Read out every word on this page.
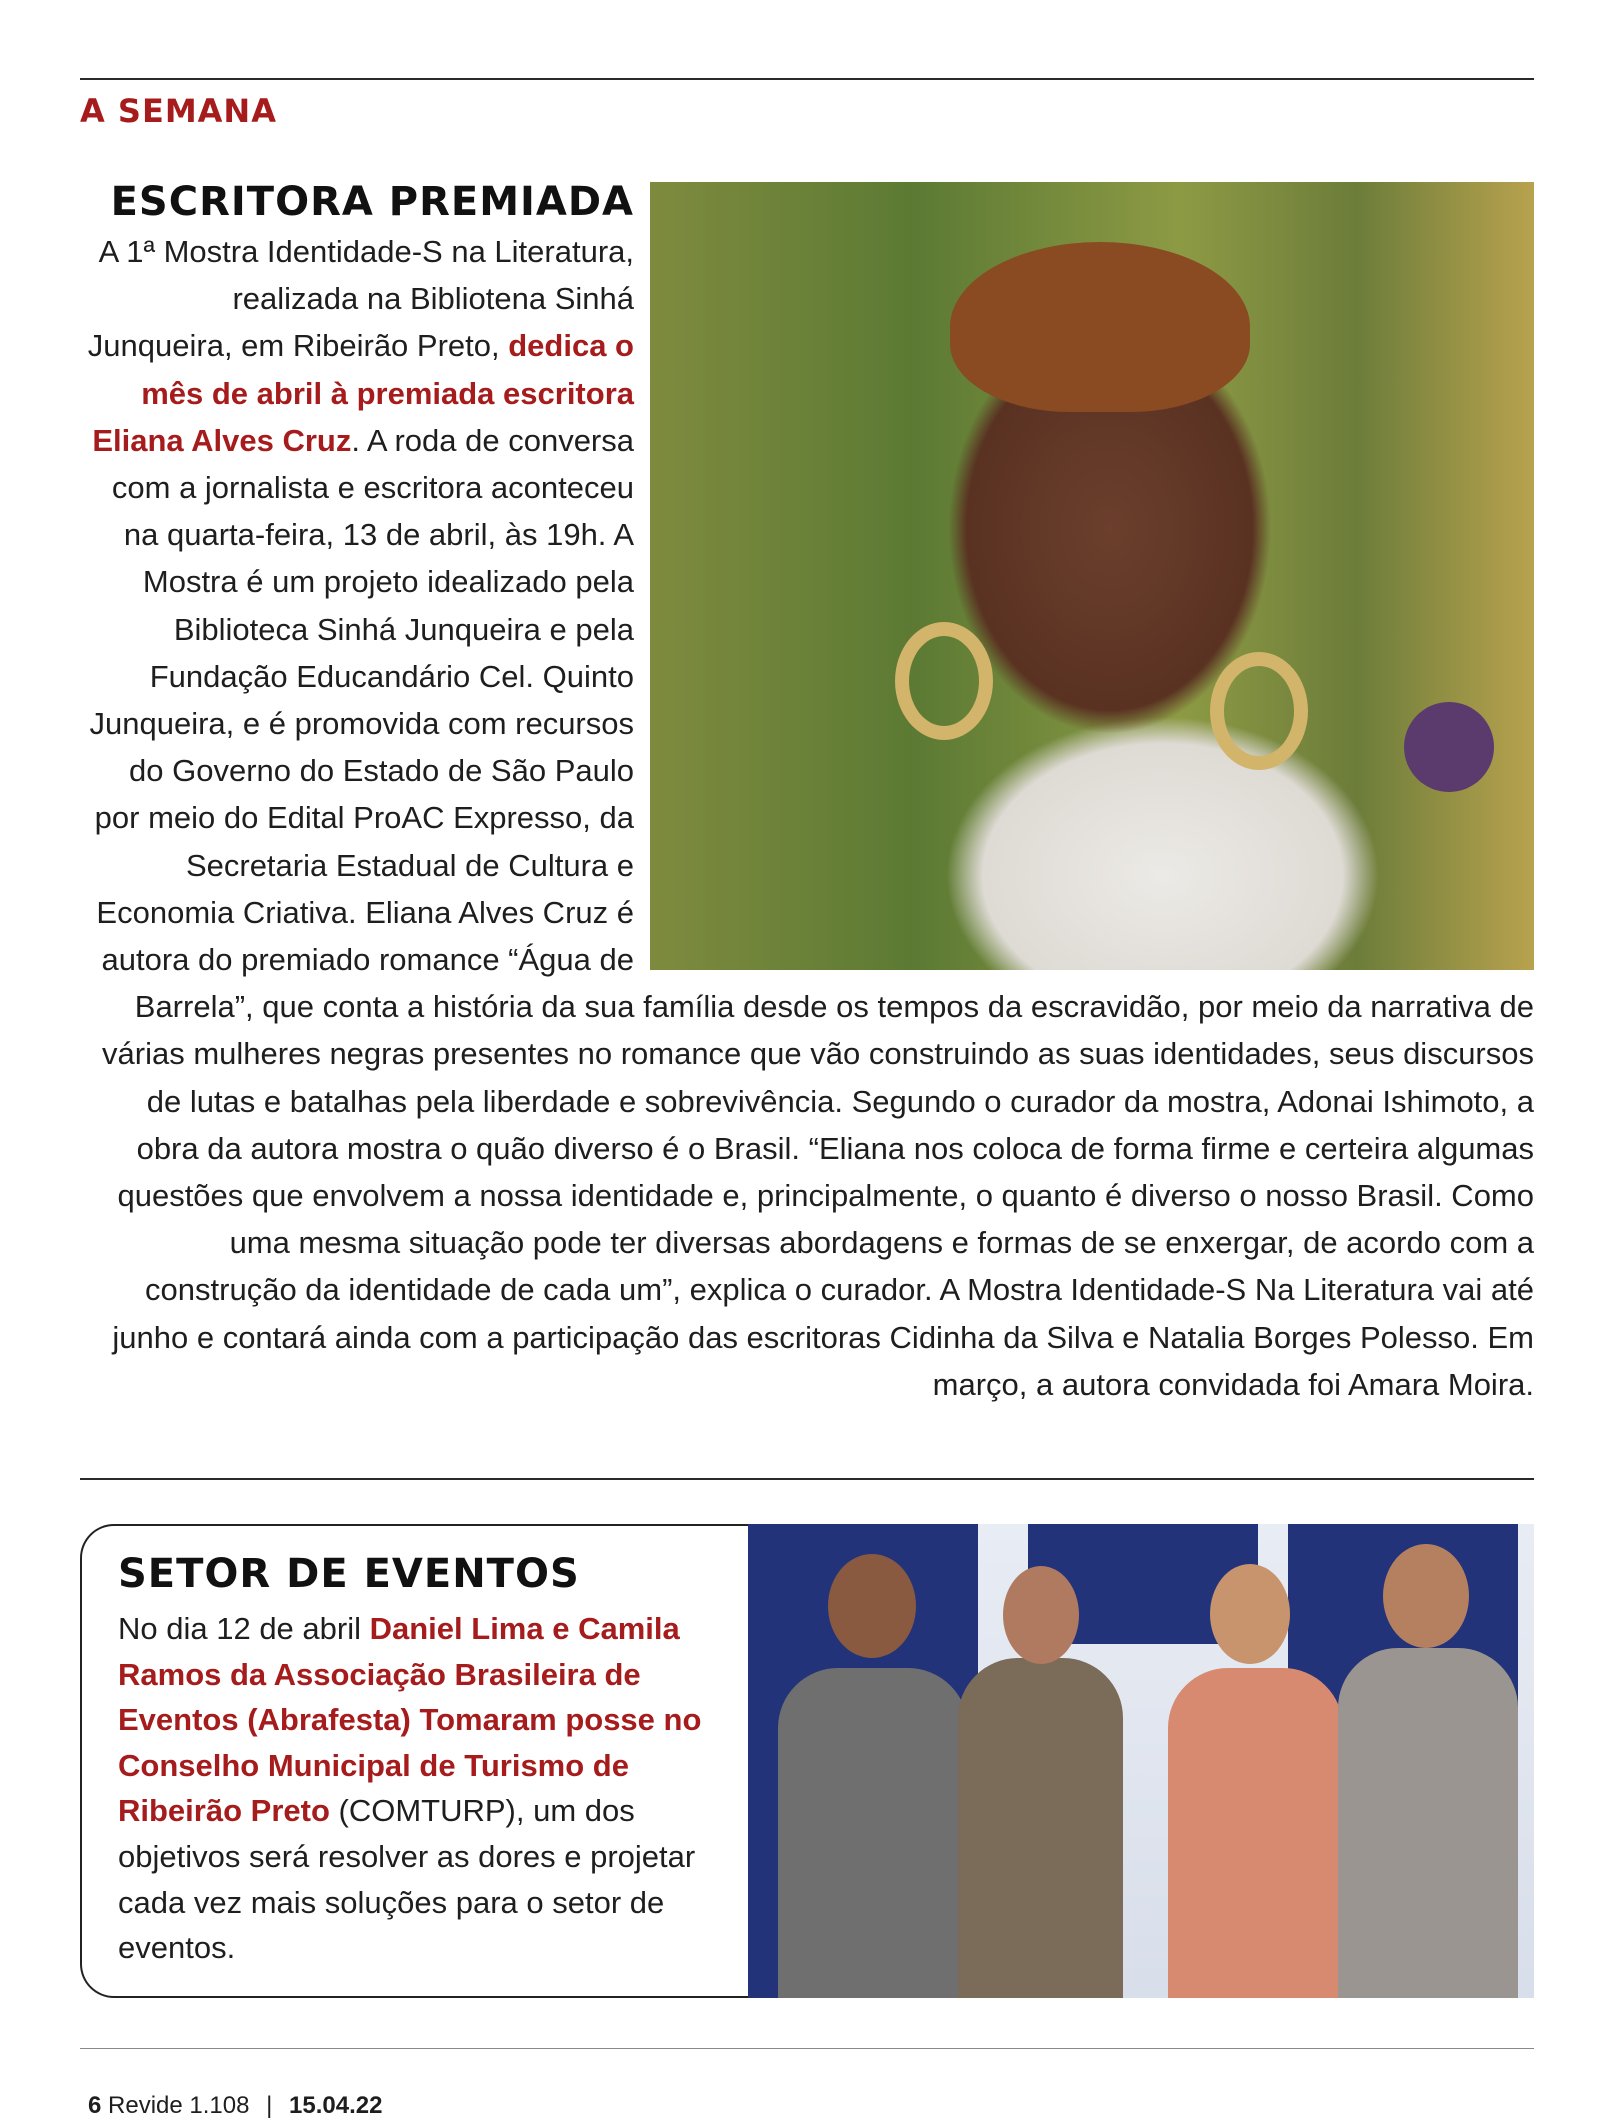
A SEMANA
ESCRITORA PREMIADA

A 1ª Mostra Identidade-S na Literatura, realizada na Bibliotena Sinhá Junqueira, em Ribeirão Preto, dedica o mês de abril à premiada escritora Eliana Alves Cruz. A roda de conversa com a jornalista e escritora aconteceu na quarta-feira, 13 de abril, às 19h. A Mostra é um projeto idealizado pela Biblioteca Sinhá Junqueira e pela Fundação Educandário Cel. Quinto Junqueira, e é promovida com recursos do Governo do Estado de São Paulo por meio do Edital ProAC Expresso, da Secretaria Estadual de Cultura e Economia Criativa. Eliana Alves Cruz é autora do premiado romance “Água de Barrela”, que conta a história da sua família desde os tempos da escravidão, por meio da narrativa de várias mulheres negras presentes no romance que vão construindo as suas identidades, seus discursos de lutas e batalhas pela liberdade e sobrevivência. Segundo o curador da mostra, Adonai Ishimoto, a obra da autora mostra o quão diverso é o Brasil. “Eliana nos coloca de forma firme e certeira algumas questões que envolvem a nossa identidade e, principalmente, o quanto é diverso o nosso Brasil. Como uma mesma situação pode ter diversas abordagens e formas de se enxergar, de acordo com a construção da identidade de cada um”, explica o curador. A Mostra Identidade-S Na Literatura vai até junho e contará ainda com a participação das escritoras Cidinha da Silva e Natalia Borges Polesso. Em março, a autora convidada foi Amara Moira.

SETOR DE EVENTOS

No dia 12 de abril Daniel Lima e Camila Ramos da Associação Brasileira de Eventos (Abrafesta) Tomaram posse no Conselho Municipal de Turismo de Ribeirão Preto (COMTURP), um dos objetivos será resolver as dores e projetar cada vez mais soluções para o setor de eventos.

6 Revide 1.108 | 15.04.22
